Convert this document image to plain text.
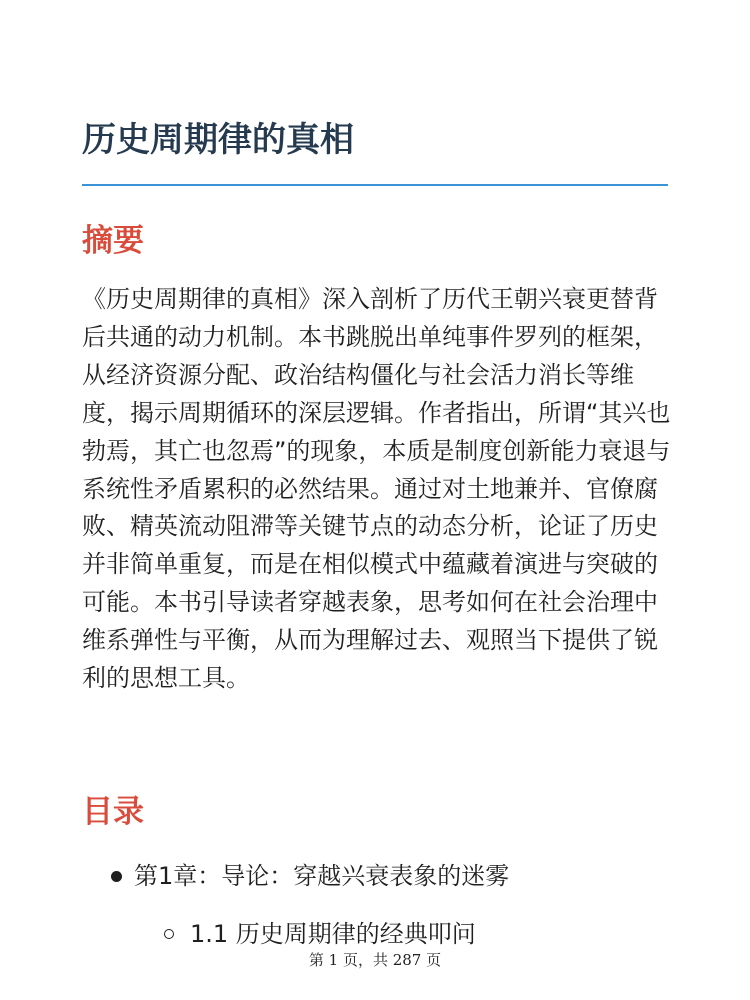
历史周期律的真相
摘要

《历史周期律的真相》深入剖析了历代王朝兴衰更替背后共通的动力机制。本书跳脱出单纯事件罗列的框架，从经济资源分配、政治结构僵化与社会活力消长等维度，揭示周期循环的深层逻辑。作者指出，所谓“其兴也勃焉，其亡也忽焉”的现象，本质是制度创新能力衰退与系统性矛盾累积的必然结果。通过对土地兼并、官僚腐败、精英流动阻滞等关键节点的动态分析，论证了历史并非简单重复，而是在相似模式中蕴藏着演进与突破的可能。本书引导读者穿越表象，思考如何在社会治理中维系弹性与平衡，从而为理解过去、观照当下提供了锐利的思想工具。

目录
第1章：导论：穿越兴衰表象的迷雾
1.1 历史周期律的经典叩问
第 1 页，共 287 页
